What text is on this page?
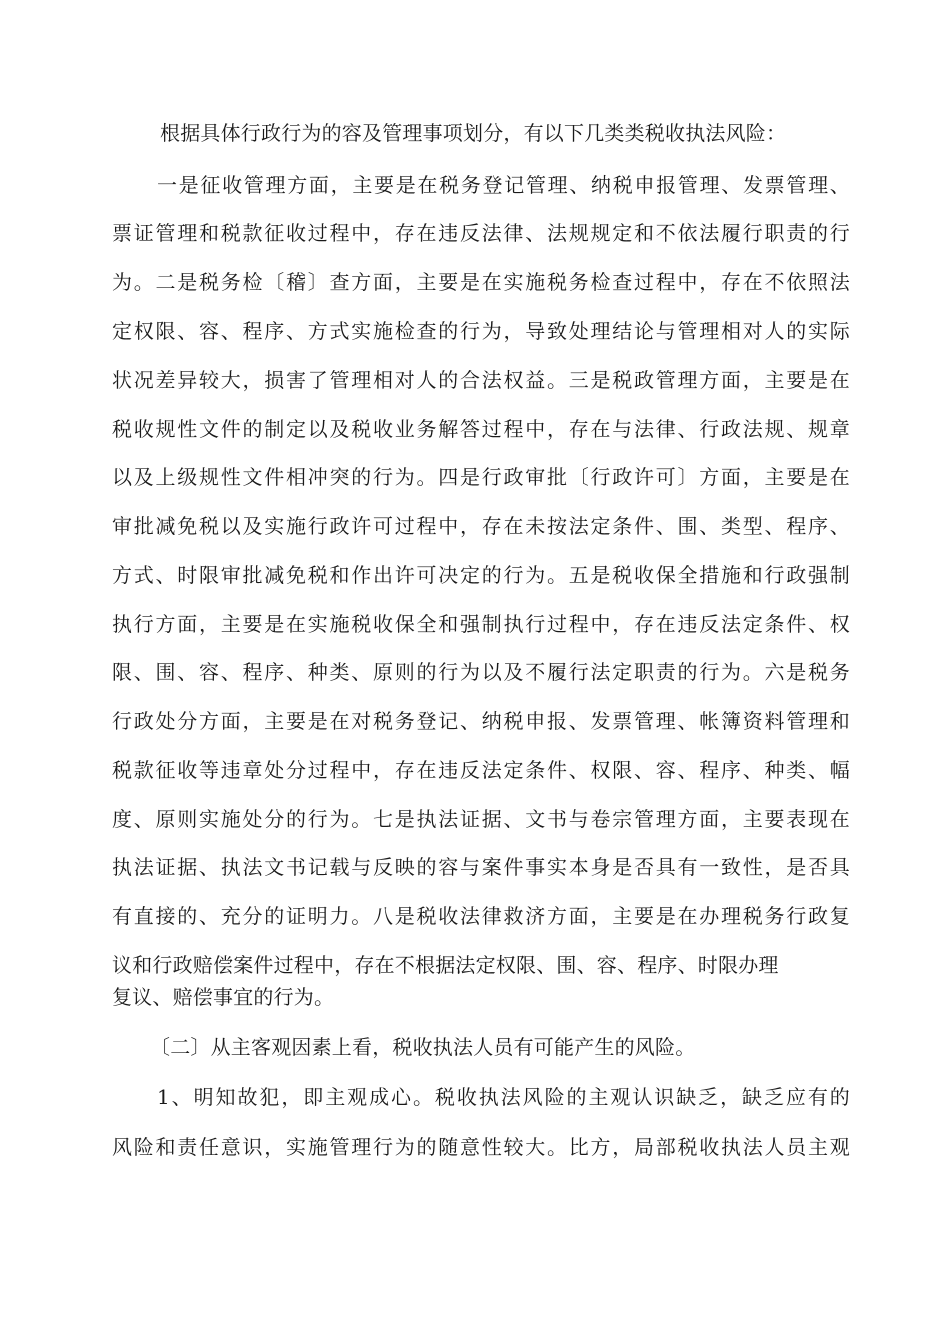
根据具体行政行为的容及管理事项划分，有以下几类类税收执法风险：
一是征收管理方面，主要是在税务登记管理、纳税申报管理、发票管理、
票证管理和税款征收过程中，存在违反法律、法规规定和不依法履行职责的行
为。二是税务检〔稽〕查方面，主要是在实施税务检查过程中，存在不依照法
定权限、容、程序、方式实施检查的行为，导致处理结论与管理相对人的实际
状况差异较大，损害了管理相对人的合法权益。三是税政管理方面，主要是在
税收规性文件的制定以及税收业务解答过程中，存在与法律、行政法规、规章
以及上级规性文件相冲突的行为。四是行政审批〔行政许可〕方面，主要是在
审批减免税以及实施行政许可过程中，存在未按法定条件、围、类型、程序、
方式、时限审批减免税和作出许可决定的行为。五是税收保全措施和行政强制
执行方面，主要是在实施税收保全和强制执行过程中，存在违反法定条件、权
限、围、容、程序、种类、原则的行为以及不履行法定职责的行为。六是税务
行政处分方面，主要是在对税务登记、纳税申报、发票管理、帐簿资料管理和
税款征收等违章处分过程中，存在违反法定条件、权限、容、程序、种类、幅
度、原则实施处分的行为。七是执法证据、文书与卷宗管理方面，主要表现在
执法证据、执法文书记载与反映的容与案件事实本身是否具有一致性，是否具
有直接的、充分的证明力。八是税收法律救济方面，主要是在办理税务行政复
议和行政赔偿案件过程中，存在不根据法定权限、围、容、程序、时限办理
复议、赔偿事宜的行为。
〔二〕从主客观因素上看，税收执法人员有可能产生的风险。
1、明知故犯，即主观成心。税收执法风险的主观认识缺乏，缺乏应有的
风险和责任意识，实施管理行为的随意性较大。比方，局部税收执法人员主观
